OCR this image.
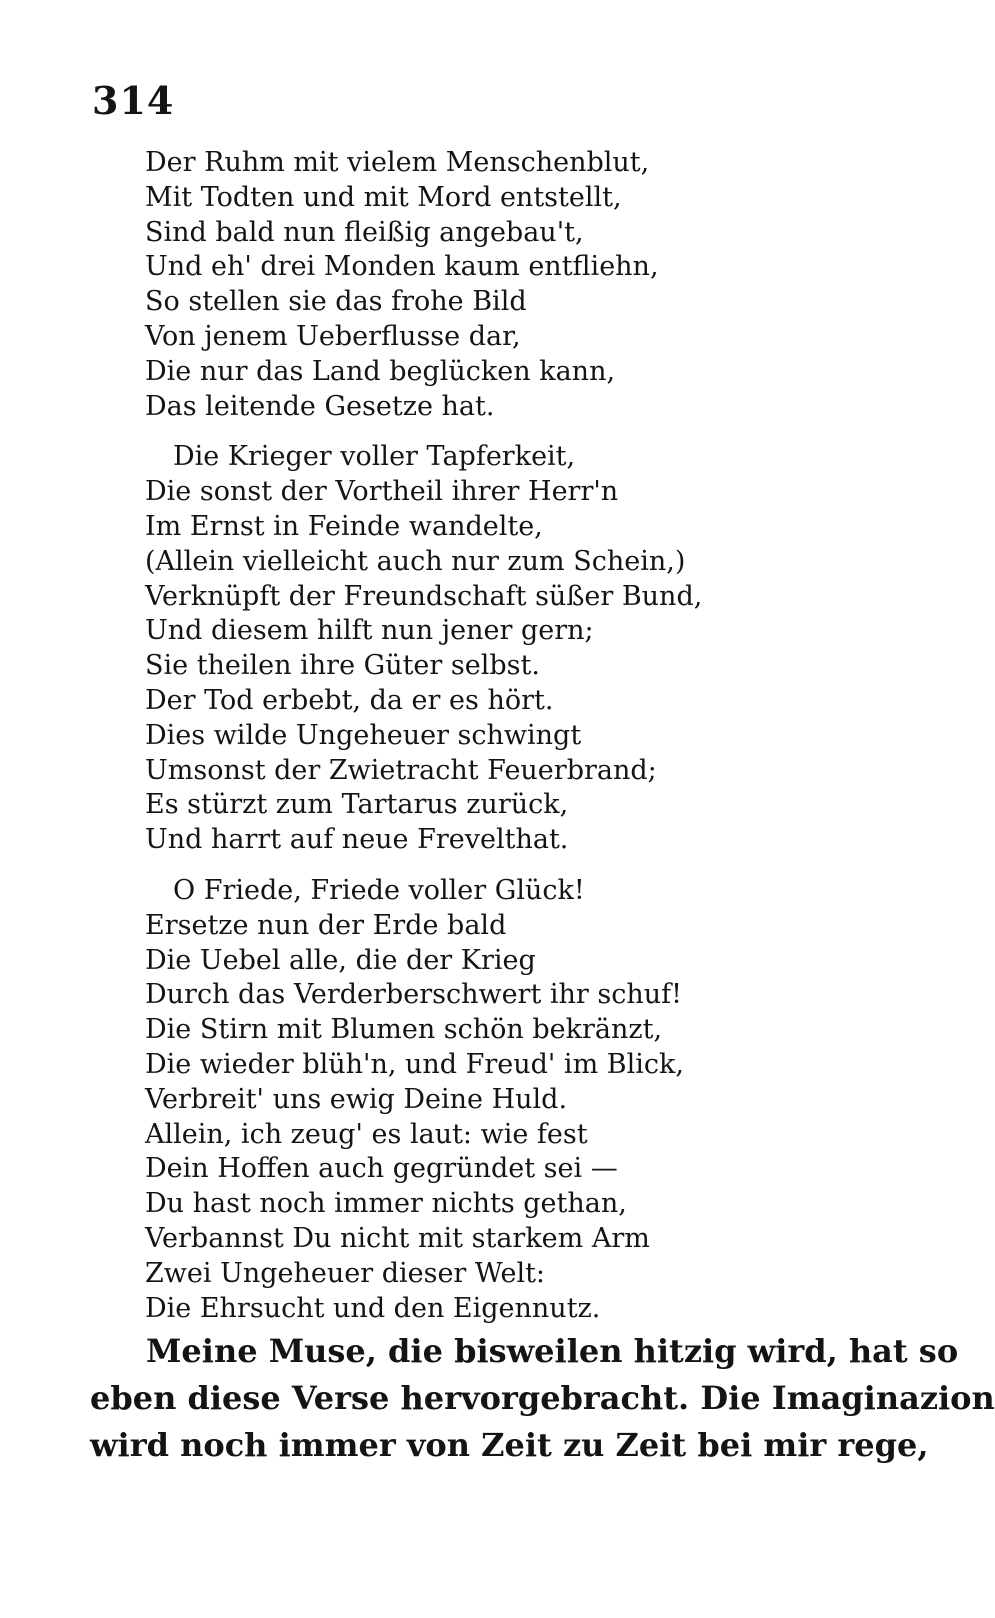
314
Der Ruhm mit vielem Menschenblut,
Mit Todten und mit Mord entstellt,
Sind bald nun fleißig angebau't,
Und eh' drei Monden kaum entfliehn,
So stellen sie das frohe Bild
Von jenem Ueberflusse dar,
Die nur das Land beglücken kann,
Das leitende Gesetze hat.
Die Krieger voller Tapferkeit,
Die sonst der Vortheil ihrer Herr'n
Im Ernst in Feinde wandelte,
(Allein vielleicht auch nur zum Schein,)
Verknüpft der Freundschaft süßer Bund,
Und diesem hilft nun jener gern;
Sie theilen ihre Güter selbst.
Der Tod erbebt, da er es hört.
Dies wilde Ungeheuer schwingt
Umsonst der Zwietracht Feuerbrand;
Es stürzt zum Tartarus zurück,
Und harrt auf neue Frevelthat.
O Friede, Friede voller Glück!
Ersetze nun der Erde bald
Die Uebel alle, die der Krieg
Durch das Verderberschwert ihr schuf!
Die Stirn mit Blumen schön bekränzt,
Die wieder blüh'n, und Freud' im Blick,
Verbreit' uns ewig Deine Huld.
Allein, ich zeug' es laut: wie fest
Dein Hoffen auch gegründet sei —
Du hast noch immer nichts gethan,
Verbannst Du nicht mit starkem Arm
Zwei Ungeheuer dieser Welt:
Die Ehrsucht und den Eigennutz.
Meine Muse, die bisweilen hitzig wird, hat so
eben diese Verse hervorgebracht. Die Imaginazion
wird noch immer von Zeit zu Zeit bei mir rege,
